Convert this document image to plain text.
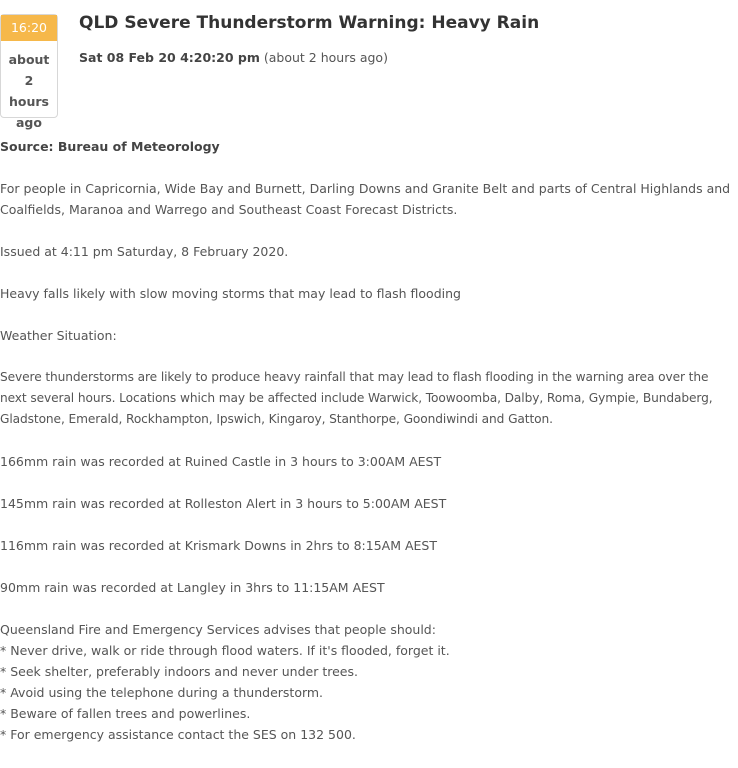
16:20
about 2 hours ago
QLD Severe Thunderstorm Warning: Heavy Rain
Sat 08 Feb 20 4:20:20 pm (about 2 hours ago)

Source: Bureau of Meteorology

For people in Capricornia, Wide Bay and Burnett, Darling Downs and Granite Belt and parts of Central Highlands and Coalfields, Maranoa and Warrego and Southeast Coast Forecast Districts.

Issued at 4:11 pm Saturday, 8 February 2020.

Heavy falls likely with slow moving storms that may lead to flash flooding

Weather Situation:

Severe thunderstorms are likely to produce heavy rainfall that may lead to flash flooding in the warning area over the next several hours. Locations which may be affected include Warwick, Toowoomba, Dalby, Roma, Gympie, Bundaberg, Gladstone, Emerald, Rockhampton, Ipswich, Kingaroy, Stanthorpe, Goondiwindi and Gatton.

166mm rain was recorded at Ruined Castle in 3 hours to 3:00AM AEST

145mm rain was recorded at Rolleston Alert in 3 hours to 5:00AM AEST

116mm rain was recorded at Krismark Downs in 2hrs to 8:15AM AEST

90mm rain was recorded at Langley in 3hrs to 11:15AM AEST

Queensland Fire and Emergency Services advises that people should:

* Never drive, walk or ride through flood waters. If it's flooded, forget it.

* Seek shelter, preferably indoors and never under trees.

* Avoid using the telephone during a thunderstorm.

* Beware of fallen trees and powerlines.

* For emergency assistance contact the SES on 132 500.
